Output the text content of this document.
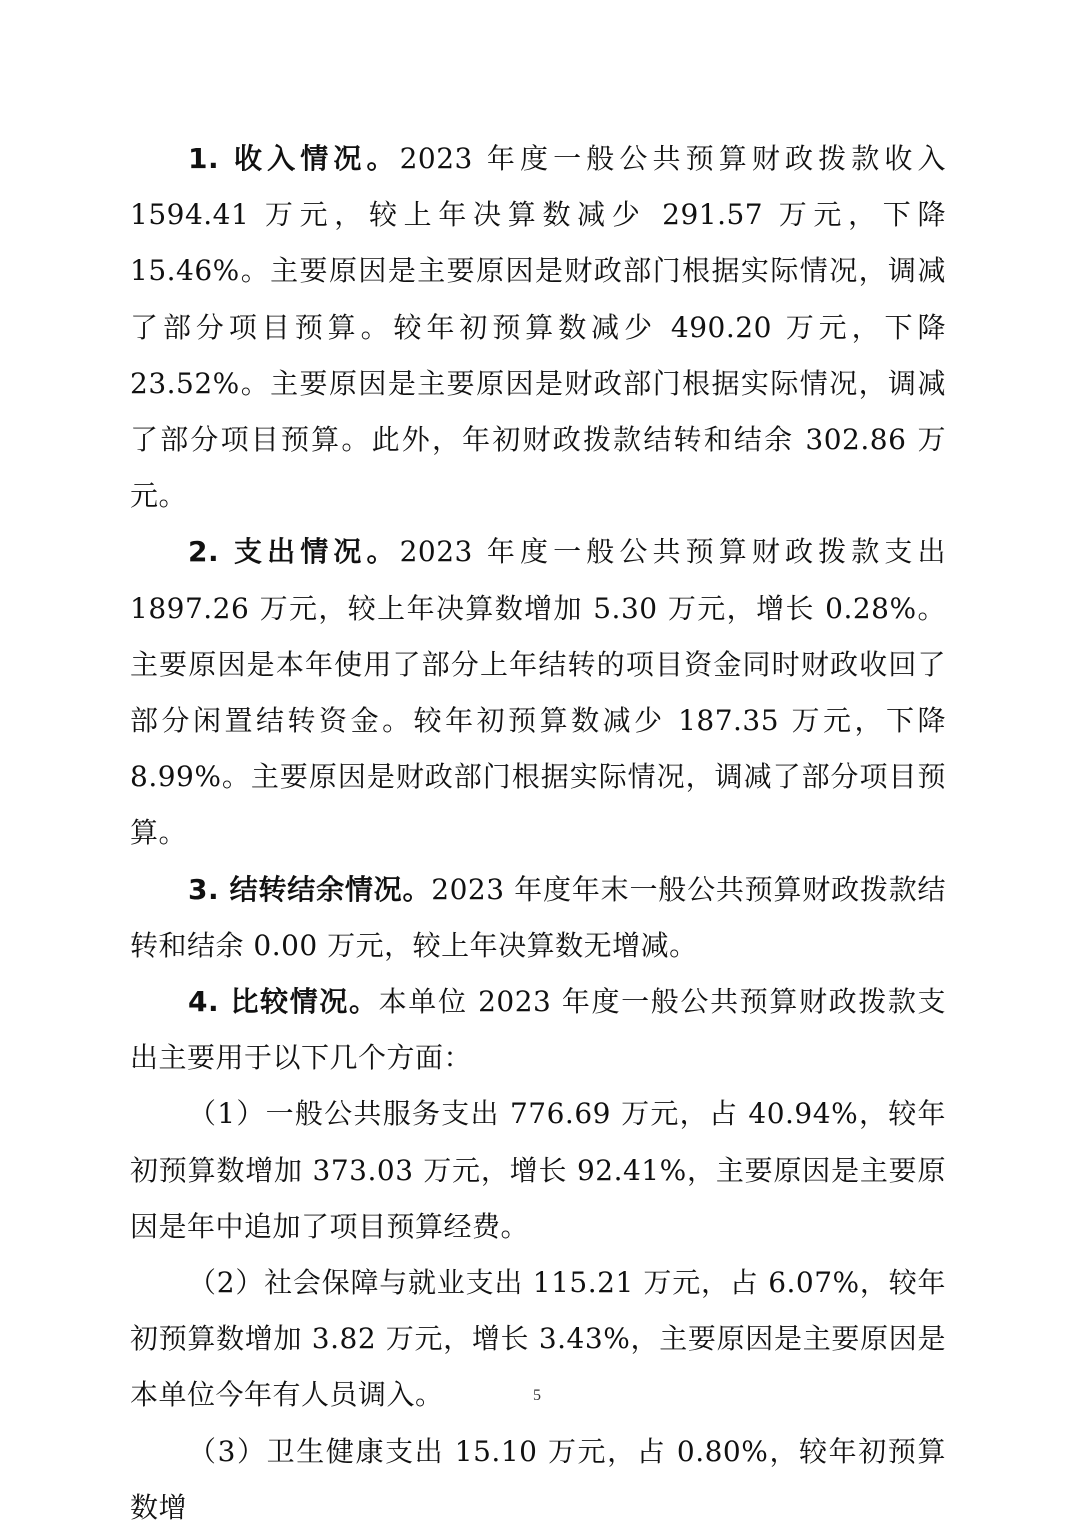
1. 收入情况。2023 年度一般公共预算财政拨款收入 1594.41 万元，较上年决算数减少 291.57 万元，下降 15.46%。主要原因是主要原因是财政部门根据实际情况，调减了部分项目预算。较年初预算数减少 490.20 万元，下降 23.52%。主要原因是主要原因是财政部门根据实际情况，调减了部分项目预算。此外，年初财政拨款结转和结余 302.86 万元。

2. 支出情况。2023 年度一般公共预算财政拨款支出 1897.26 万元，较上年决算数增加 5.30 万元，增长 0.28%。主要原因是本年使用了部分上年结转的项目资金同时财政收回了部分闲置结转资金。较年初预算数减少 187.35 万元，下降 8.99%。主要原因是财政部门根据实际情况，调减了部分项目预算。

3. 结转结余情况。2023 年度年末一般公共预算财政拨款结转和结余 0.00 万元，较上年决算数无增减。

4. 比较情况。本单位 2023 年度一般公共预算财政拨款支出主要用于以下几个方面：

（1）一般公共服务支出 776.69 万元，占 40.94%，较年初预算数增加 373.03 万元，增长 92.41%，主要原因是主要原因是年中追加了项目预算经费。

（2）社会保障与就业支出 115.21 万元，占 6.07%，较年初预算数增加 3.82 万元，增长 3.43%，主要原因是主要原因是本单位今年有人员调入。

（3）卫生健康支出 15.10 万元，占 0.80%，较年初预算数增

5
